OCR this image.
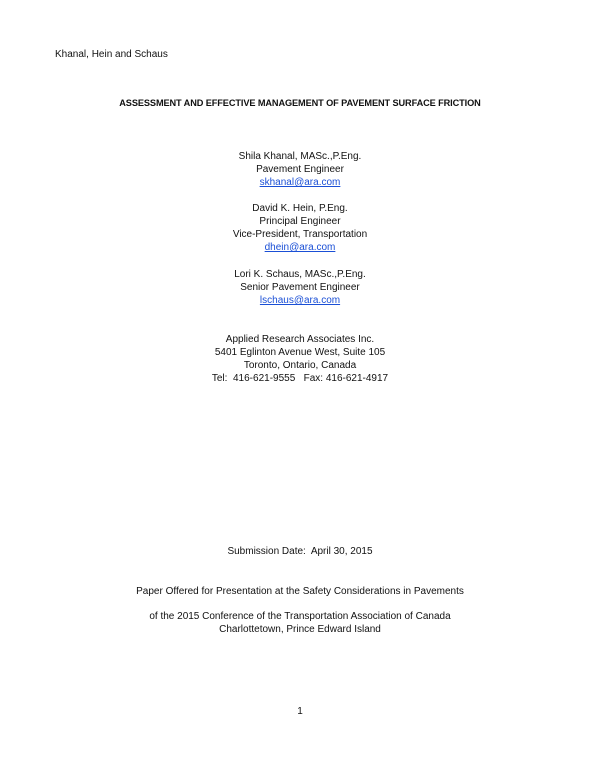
Khanal, Hein and Schaus
ASSESSMENT AND EFFECTIVE MANAGEMENT OF PAVEMENT SURFACE FRICTION
Shila Khanal, MASc.,P.Eng.
Pavement Engineer
skhanal@ara.com
David K. Hein, P.Eng.
Principal Engineer
Vice-President, Transportation
dhein@ara.com
Lori K. Schaus, MASc.,P.Eng.
Senior Pavement Engineer
lschaus@ara.com
Applied Research Associates Inc.
5401 Eglinton Avenue West, Suite 105
Toronto, Ontario, Canada
Tel:  416-621-9555   Fax: 416-621-4917
Submission Date:  April 30, 2015
Paper Offered for Presentation at the Safety Considerations in Pavements
of the 2015 Conference of the Transportation Association of Canada
Charlottetown, Prince Edward Island
1
